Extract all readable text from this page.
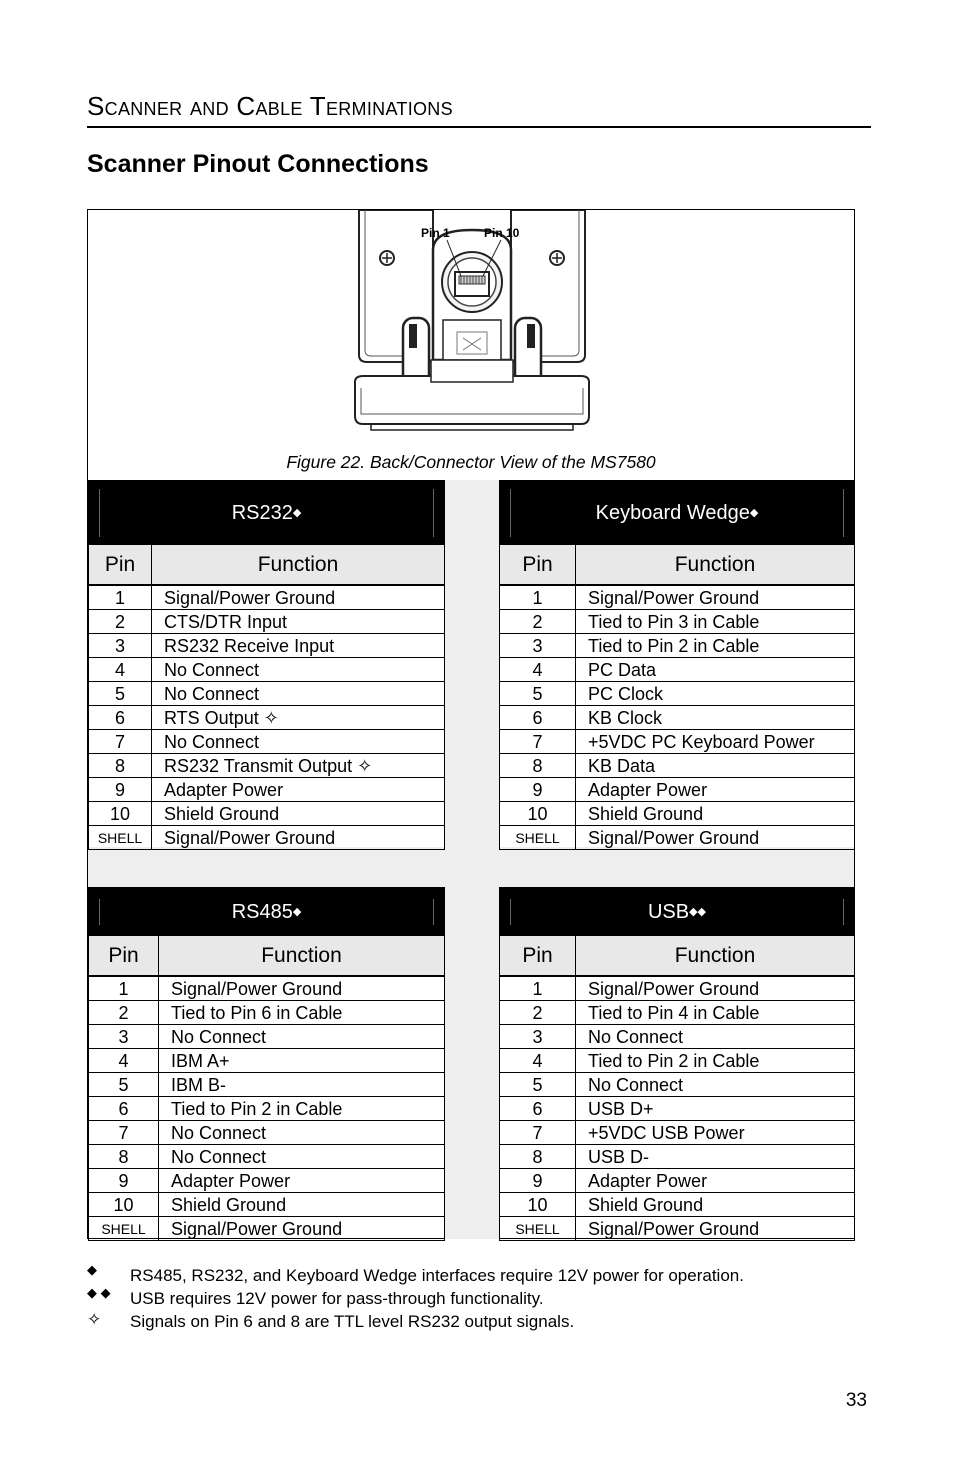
Scanner and Cable Terminations
Scanner Pinout Connections
Pin 1	Pin 10
Figure 22. Back/Connector View of the MS7580
RS232 ◆	

Pin	Function
1	Signal/Power Ground
2	CTS/DTR Input
3	RS232 Receive Input
4	No Connect
5	No Connect
6	RTS Output ✧
7	No Connect
8	RS232 Transmit Output ✧
9	Adapter Power
10	Shield Ground
SHELL	Signal/Power Ground
Keyboard Wedge ◆	

Pin	Function
1	Signal/Power Ground
2	Tied to Pin 3 in Cable
3	Tied to Pin 2 in Cable
4	PC Data
5	PC Clock
6	KB Clock
7	+5VDC PC Keyboard Power
8	KB Data
9	Adapter Power
10	Shield Ground
SHELL	Signal/Power Ground
RS485 ◆	

Pin	Function
1	Signal/Power Ground
2	Tied to Pin 6 in Cable
3	No Connect
4	IBM A+
5	IBM B-
6	Tied to Pin 2 in Cable
7	No Connect
8	No Connect
9	Adapter Power
10	Shield Ground
SHELL	Signal/Power Ground
USB ◆◆	

Pin	Function
1	Signal/Power Ground
2	Tied to Pin 4 in Cable
3	No Connect
4	Tied to Pin 2 in Cable
5	No Connect
6	USB D+
7	+5VDC USB Power
8	USB D-
9	Adapter Power
10	Shield Ground
SHELL	Signal/Power Ground
◆ RS485, RS232, and Keyboard Wedge interfaces require 12V power for operation.
◆ ◆ USB requires 12V power for pass-through functionality.
✧ Signals on Pin 6 and 8 are TTL level RS232 output signals.
33
